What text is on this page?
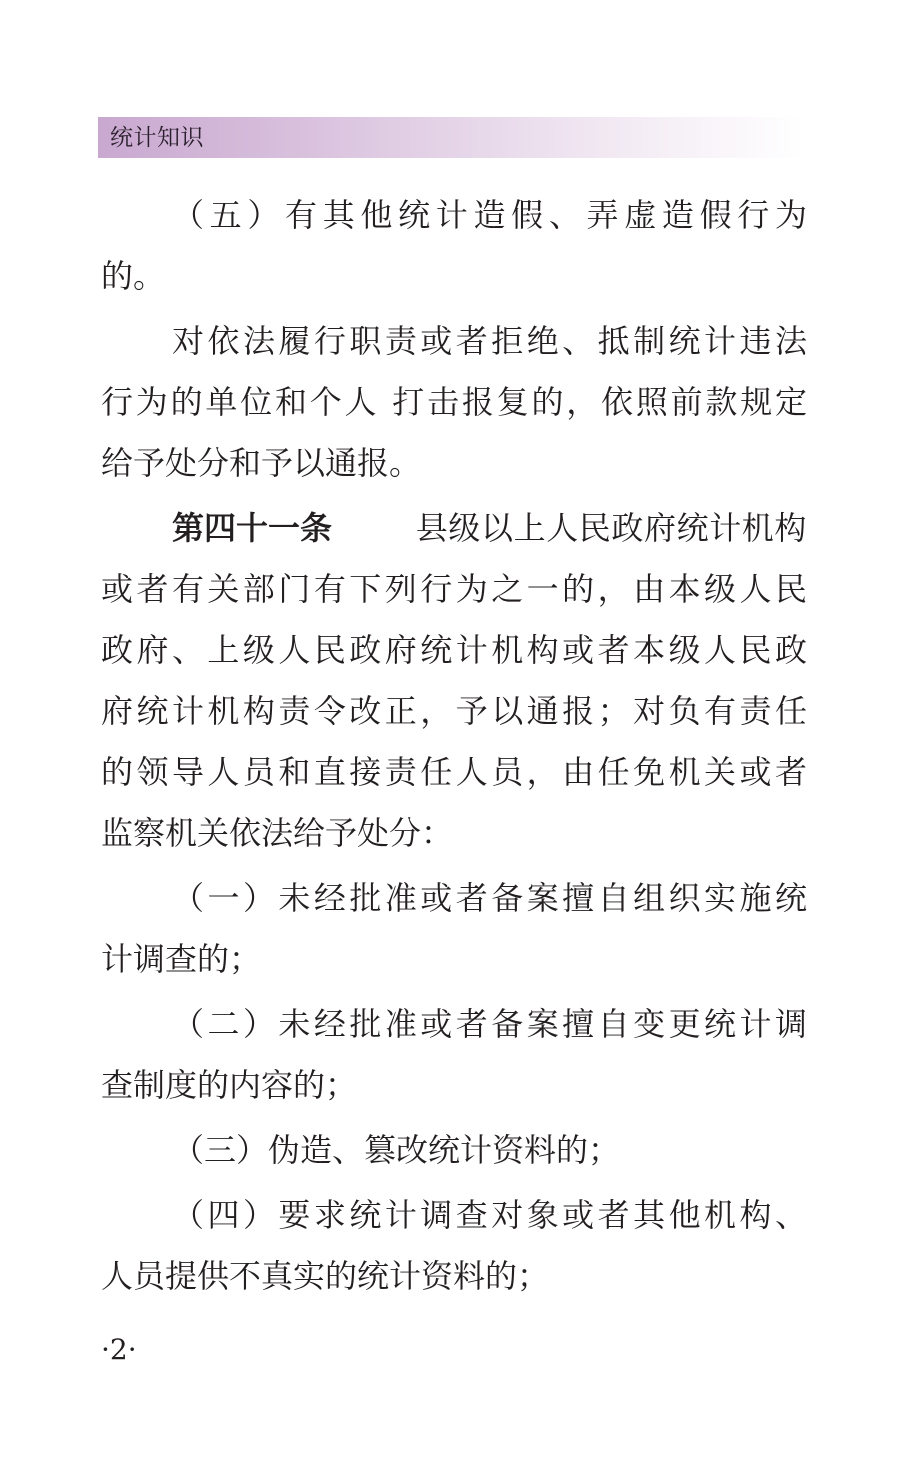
统计知识
（五）有其他统计造假、弄虚造假行为
的。
对依法履行职责或者拒绝、抵制统计违法
行为的单位和个人 打击报复的，依照前款规定
给予处分和予以通报。
第四十一条	县级以上人民政府统计机构
或者有关部门有下列行为之一的，由本级人民
政府、上级人民政府统计机构或者本级人民政
府统计机构责令改正，予以通报；对负有责任
的领导人员和直接责任人员，由任免机关或者
监察机关依法给予处分：
（一）未经批准或者备案擅自组织实施统
计调查的；
（二）未经批准或者备案擅自变更统计调
查制度的内容的；
（三）伪造、篡改统计资料的；
（四）要求统计调查对象或者其他机构、
人员提供不真实的统计资料的；
·2·
